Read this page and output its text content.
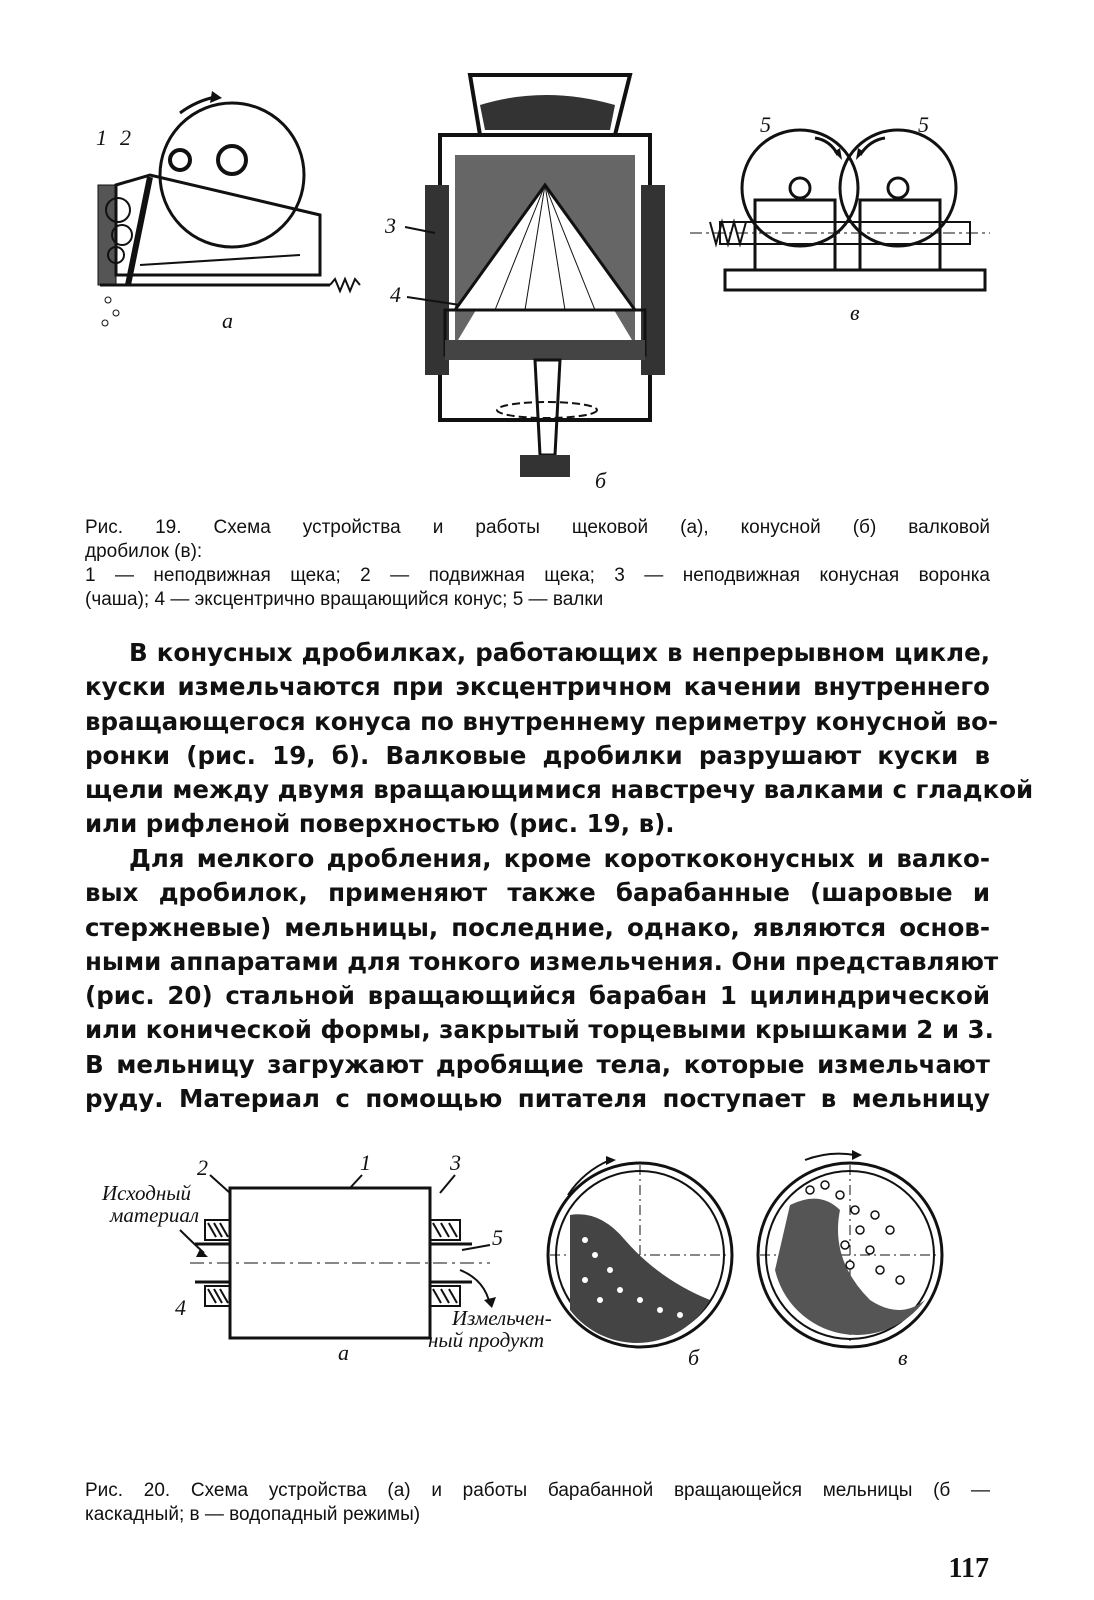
1 2
а
3
4
б
5	5
в

Рис. 19. Схема устройства и работы щековой (а), конусной (б) валковой

дробилок (в):

1 — неподвижная щека; 2 — подвижная щека; 3 — неподвижная конусная воронка

(чаша); 4 — эксцентрично вращающийся конус; 5 — валки

В конусных дробилках, работающих в непрерывном цикле,
куски измельчаются при эксцентричном качении внутреннего
вращающегося конуса по внутреннему периметру конусной во-
ронки (рис. 19, б). Валковые дробилки разрушают куски в
щели между двумя вращающимися навстречу валками с гладкой
или рифленой поверхностью (рис. 19, в).
Для мелкого дробления, кроме короткоконусных и валко-
вых дробилок, применяют также барабанные (шаровые и
стержневые) мельницы, последние, однако, являются основ-
ными аппаратами для тонкого измельчения. Они представляют
(рис. 20) стальной вращающийся барабан 1 цилиндрической
или конической формы, закрытый торцевыми крышками 2 и 3.
В мельницу загружают дробящие тела, которые измельчают
руду. Материал с помощью питателя поступает в мельницу
2	1	3
5
4
Исходный
материал
Измельчен-
ный продукт
а	б	в

Рис. 20. Схема устройства (а) и работы барабанной вращающейся мельницы (б —

каскадный; в — водопадный режимы)

117
